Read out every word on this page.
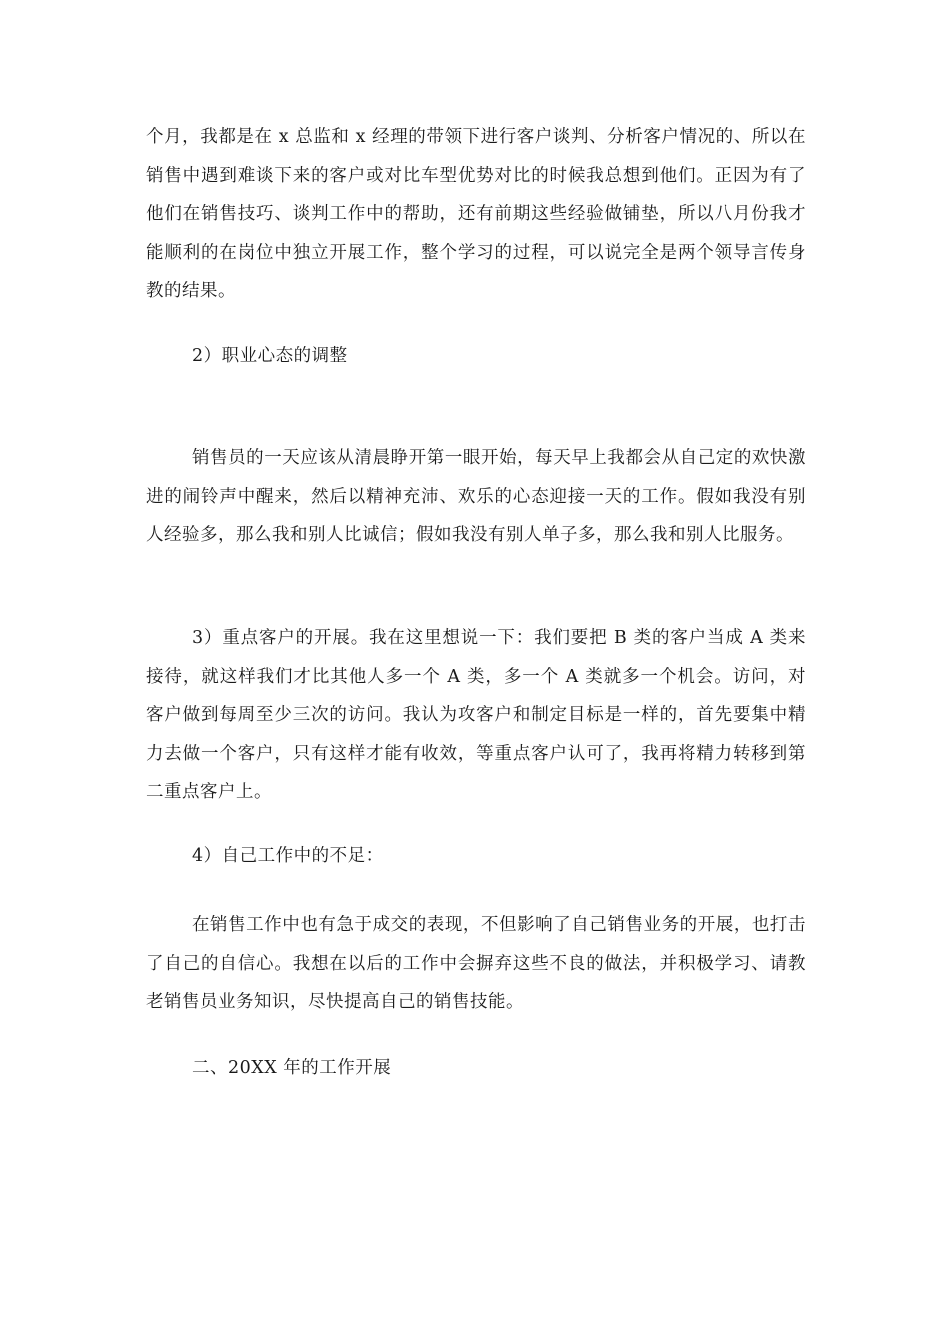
个月，我都是在 x 总监和 x 经理的带领下进行客户谈判、分析客户情况的、所以在销售中遇到难谈下来的客户或对比车型优势对比的时候我总想到他们。正因为有了他们在销售技巧、谈判工作中的帮助，还有前期这些经验做铺垫，所以八月份我才能顺利的在岗位中独立开展工作，整个学习的过程，可以说完全是两个领导言传身教的结果。

2）职业心态的调整

销售员的一天应该从清晨睁开第一眼开始，每天早上我都会从自己定的欢快激进的闹铃声中醒来，然后以精神充沛、欢乐的心态迎接一天的工作。假如我没有别人经验多，那么我和别人比诚信；假如我没有别人单子多，那么我和别人比服务。

3）重点客户的开展。我在这里想说一下：我们要把 B 类的客户当成 A 类来接待，就这样我们才比其他人多一个 A 类，多一个 A 类就多一个机会。访问，对客户做到每周至少三次的访问。我认为攻客户和制定目标是一样的，首先要集中精力去做一个客户，只有这样才能有收效，等重点客户认可了，我再将精力转移到第二重点客户上。

4）自己工作中的不足：

在销售工作中也有急于成交的表现，不但影响了自己销售业务的开展，也打击了自己的自信心。我想在以后的工作中会摒弃这些不良的做法，并积极学习、请教老销售员业务知识，尽快提高自己的销售技能。

二、20XX 年的工作开展
